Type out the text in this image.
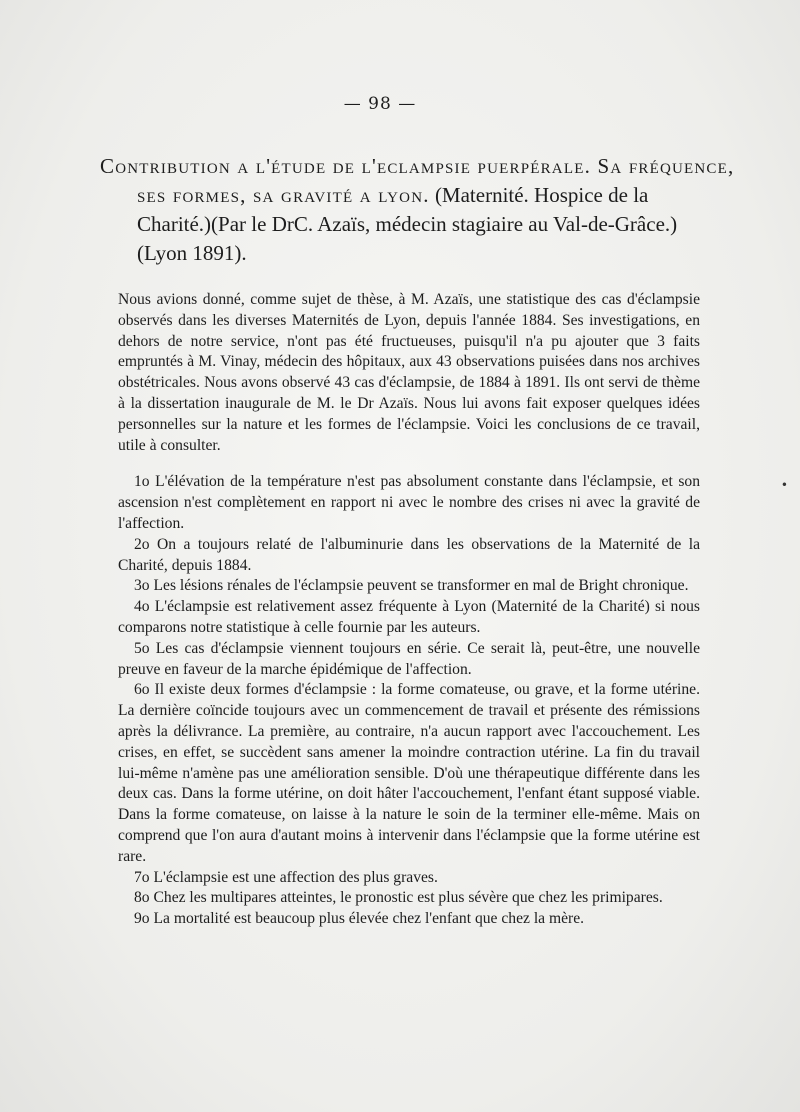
— 98 —
Contribution a l'étude de l'eclampsie puerpérale. Sa fréquence,
ses formes, sa gravité a lyon. (Maternité. Hospice de la
Charité.)(Par le DrC. Azaïs, médecin stagiaire au Val-de-Grâce.)
(Lyon 1891).

Nous avions donné, comme sujet de thèse, à M. Azaïs, une statistique des cas d'éclampsie observés dans les diverses Maternités de Lyon, depuis l'année 1884. Ses investigations, en dehors de notre service, n'ont pas été fructueuses, puisqu'il n'a pu ajouter que 3 faits empruntés à M. Vinay, médecin des hôpitaux, aux 43 observations puisées dans nos archives obstétricales. Nous avons observé 43 cas d'éclampsie, de 1884 à 1891. Ils ont servi de thème à la dissertation inaugurale de M. le Dr Azaïs. Nous lui avons fait exposer quelques idées personnelles sur la nature et les formes de l'éclampsie. Voici les conclusions de ce travail, utile à consulter.

1o L'élévation de la température n'est pas absolument constante dans l'éclampsie, et son ascension n'est complètement en rapport ni avec le nombre des crises ni avec la gravité de l'affection.

2o On a toujours relaté de l'albuminurie dans les observations de la Maternité de la Charité, depuis 1884.

3o Les lésions rénales de l'éclampsie peuvent se transformer en mal de Bright chronique.

4o L'éclampsie est relativement assez fréquente à Lyon (Maternité de la Charité) si nous comparons notre statistique à celle fournie par les auteurs.

5o Les cas d'éclampsie viennent toujours en série. Ce serait là, peut-être, une nouvelle preuve en faveur de la marche épidémique de l'affection.

6o Il existe deux formes d'éclampsie : la forme comateuse, ou grave, et la forme utérine. La dernière coïncide toujours avec un commencement de travail et présente des rémissions après la délivrance. La première, au contraire, n'a aucun rapport avec l'accouchement. Les crises, en effet, se succèdent sans amener la moindre contraction utérine. La fin du travail lui-même n'amène pas une amélioration sensible. D'où une thérapeutique différente dans les deux cas. Dans la forme utérine, on doit hâter l'accouchement, l'enfant étant supposé viable. Dans la forme comateuse, on laisse à la nature le soin de la terminer elle-même. Mais on comprend que l'on aura d'autant moins à intervenir dans l'éclampsie que la forme utérine est rare.

7o L'éclampsie est une affection des plus graves.

8o Chez les multipares atteintes, le pronostic est plus sévère que chez les primipares.

9o La mortalité est beaucoup plus élevée chez l'enfant que chez la mère.

•
